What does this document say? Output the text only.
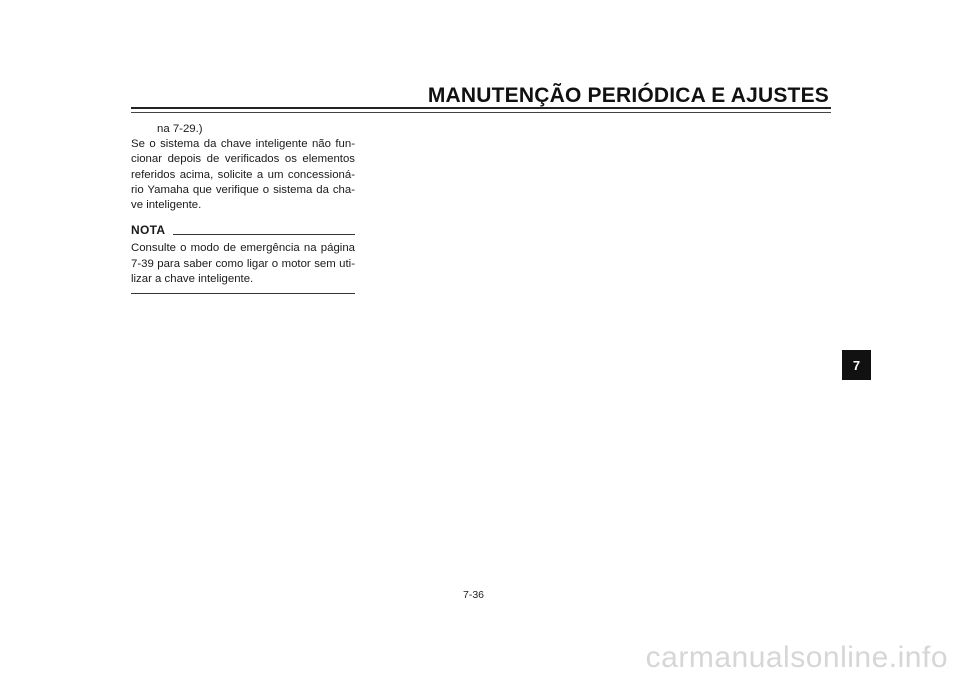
MANUTENÇÃO PERIÓDICA E AJUSTES
na 7-29.)

Se o sistema da chave inteligente não fun-cionar depois de verificados os elementos referidos acima, solicite a um concessioná-rio Yamaha que verifique o sistema da cha-ve inteligente.

NOTA

Consulte o modo de emergência na página 7-39 para saber como ligar o motor sem uti-lizar a chave inteligente.

7
7-36
carmanualsonline.info
